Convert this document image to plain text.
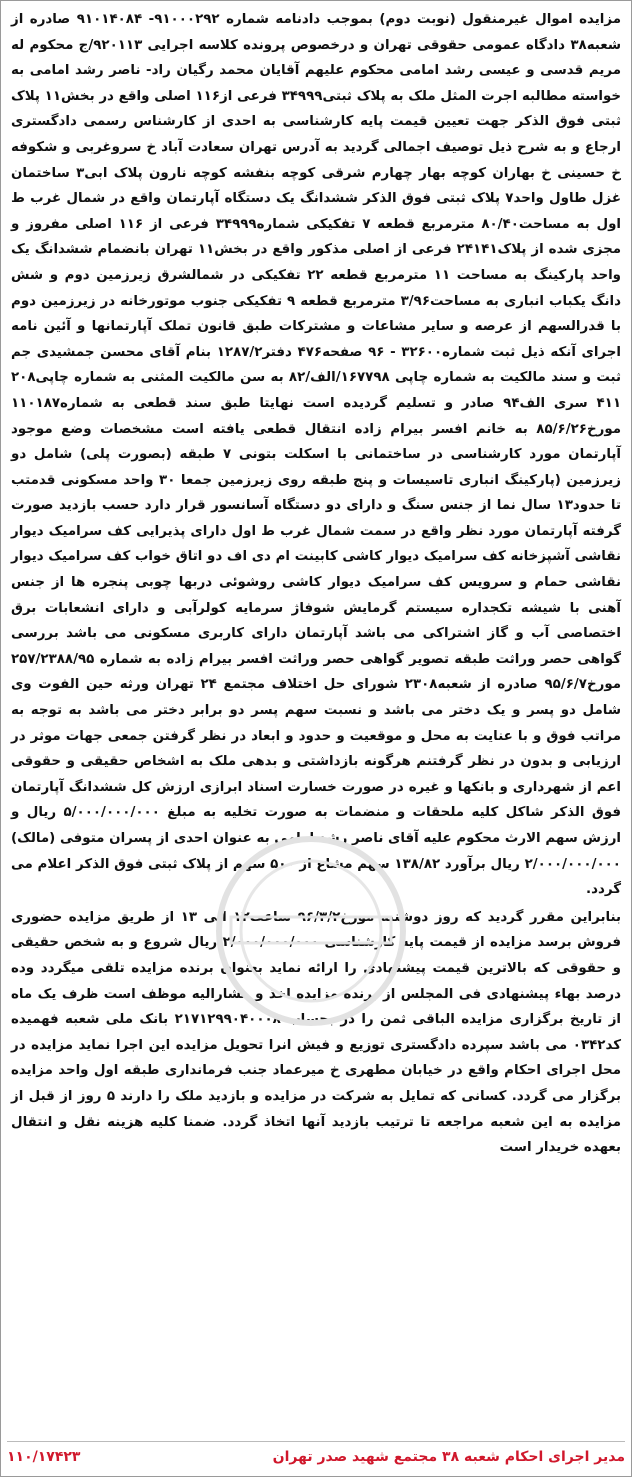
مزایده اموال غیرمنقول (نوبت دوم) بموجب دادنامه شماره ۹۱۰۰۰۲۹۲- ۹۱۰۱۴۰۸۴ صادره از شعبه۳۸ دادگاه عمومی حقوقی تهران و درخصوص پرونده کلاسه اجرایی ۹۲۰۱۱۳/ج محکوم له مریم قدسی و عیسی رشد امامی محکوم علیهم آقایان محمد رگیان راد- ناصر رشد امامی به خواسته مطالبه اجرت المثل ملک به پلاک ثبتی۳۴۹۹۹ فرعی از۱۱۶ اصلی واقع در بخش۱۱ پلاک ثبتی فوق الذکر جهت تعیین قیمت پایه کارشناسی به احدی از کارشناس رسمی دادگستری ارجاع و به شرح ذیل توصیف اجمالی گردید به آدرس تهران سعادت آباد خ سروغربی و شکوفه خ حسینی خ بهاران کوچه بهار چهارم شرقی کوچه بنفشه کوچه نارون پلاک ابی۳ ساختمان غزل طاول واحد۷ پلاک ثبتی فوق الذکر ششدانگ یک دستگاه آپارتمان واقع در شمال غرب ط اول به مساحت۸۰/۴۰ مترمربع قطعه ۷ تفکیکی شماره۳۴۹۹۹ فرعی از ۱۱۶ اصلی مفروز و مجزی شده از پلاک۲۴۱۴۱ فرعی از اصلی مذکور واقع در بخش۱۱ تهران بانضمام ششدانگ یک واحد پارکینگ به مساحت ۱۱ مترمربع قطعه ۲۲ تفکیکی در شمالشرق زیرزمین دوم و شش دانگ یکباب انباری به مساحت۳/۹۶ مترمربع قطعه ۹ تفکیکی جنوب موتورخانه در زیرزمین دوم با قدرالسهم از عرصه و سایر مشاعات و مشترکات طبق قانون تملک آپارتمانها و آئین نامه اجرای آنکه ذیل ثبت شماره۳۲۶۰۰ - ۹۶ صفحه۴۷۶ دفتر۱۲۸۷/۲ بنام آقای محسن جمشیدی جم ثبت و سند مالکیت به شماره چاپی ۱۶۷۷۹۸/الف/۸۲ به سن مالکیت المثنی به شماره چاپی۲۰۸ ۴۱۱ سری الف۹۴ صادر و تسلیم گردیده است نهایتا طبق سند قطعی به شماره۱۱۰۱۸۷ مورخ۸۵/۶/۲۶ به خانم افسر بیرام زاده انتقال قطعی یافته است مشخصات وضع موجود آپارتمان مورد کارشناسی در ساختمانی با اسکلت بتونی ۷ طبقه (بصورت پلی) شامل دو زیرزمین (پارکینگ انباری تاسیسات و پنج طبقه روی زیرزمین جمعا ۳۰ واحد مسکونی قدمتب تا حدود۱۳ سال نما از جنس سنگ و دارای دو دستگاه آسانسور قرار دارد حسب بازدید صورت گرفته آپارتمان مورد نظر واقع در سمت شمال غرب ط اول دارای پذیرایی کف سرامیک دیوار نقاشی آشپزخانه کف سرامیک دیوار کاشی کابینت ام دی اف دو اتاق خواب کف سرامیک دیوار نقاشی حمام و سرویس کف سرامیک دیوار کاشی روشوئی دربها چوبی پنجره ها از جنس آهنی با شیشه تکجداره سیستم گرمایش شوفاژ سرمایه کولرآبی و دارای انشعابات برق اختصاصی آب و گاز اشتراکی می باشد آپارتمان دارای کاربری مسکونی می باشد بررسی گواهی حصر وراثت طبقه تصویر گواهی حصر وراثت افسر بیرام زاده به شماره ۲۵۷/۲۳۸۸/۹۵ مورخ۹۵/۶/۷ صادره از شعبه۲۳۰۸ شورای حل اختلاف مجتمع ۲۴ تهران ورثه حین الفوت وی شامل دو پسر و یک دختر می باشد و نسبت سهم پسر دو برابر دختر می باشد به توجه به مراتب فوق و با عنایت به محل و موقعیت و حدود و ابعاد در نظر گرفتن جمعی جهات موثر در ارزیابی و بدون در نظر گرفتنم هرگونه بازداشتی و بدهی ملک به اشخاص حقیقی و حقوقی اعم از شهرداری و بانکها و غیره در صورت خسارت اسناد ابرازی ارزش کل ششدانگ آپارتمان فوق الذکر شاکل کلیه ملحقات و منضمات به صورت تخلیه به مبلغ ۵/۰۰۰/۰۰۰/۰۰۰ ریال و ارزش سهم الارث محکوم علیه آقای ناصر رشد امامی به عنوان احدی از پسران متوفی (مالک) ۲/۰۰۰/۰۰۰/۰۰۰ ریال برآورد ۱۳۸/۸۲ سهم مشاع از ۵۰۰ سهم از پلاک ثبتی فوق الذکر اعلام می گردد.

بنابراین مقرر گردید که روز دوشنبه مورخ۹۶/۳/۲ ساعت۱۲ الی ۱۳ از طریق مزایده حضوری فروش برسد مزایده از قیمت پایه کارشناسی ۲/۰۰۰/۰۰۰/۰۰۰ ریال شروع و به شخص حقیقی و حقوقی که بالاترین قیمت پیشنهادی را ارائه نماید بعنوان برنده مزایده تلقی میگردد وده درصد بهاء پیشنهادی فی المجلس از برنده مزایده اخذ و مشارالیه موظف است ظرف یک ماه از تاریخ برگزاری مزایده الباقی ثمن را در بحساب ۲۱۷۱۲۹۹۰۴۰۰۰۸ بانک ملی شعبه فهمیده کد۰۳۴۲ می باشد سپرده دادگستری توزیع و فیش انرا تحویل مزایده این اجرا نماید مزایده در محل اجرای احکام واقع در خیابان مطهری خ میرعماد جنب فرمانداری طبقه اول واحد مزایده برگزار می گردد. کسانی که تمایل به شرکت در مزایده و بازدید ملک را دارند ۵ روز از قبل از مزایده به این شعبه مراجعه تا ترتیب بازدید آنها اتخاذ گردد. ضمنا کلیه هزینه نقل و انتقال بعهده خریدار است

مدیر اجرای احکام شعبه ۳۸ مجتمع شهید صدر تهران
۱۱۰/۱۷۴۲۳
